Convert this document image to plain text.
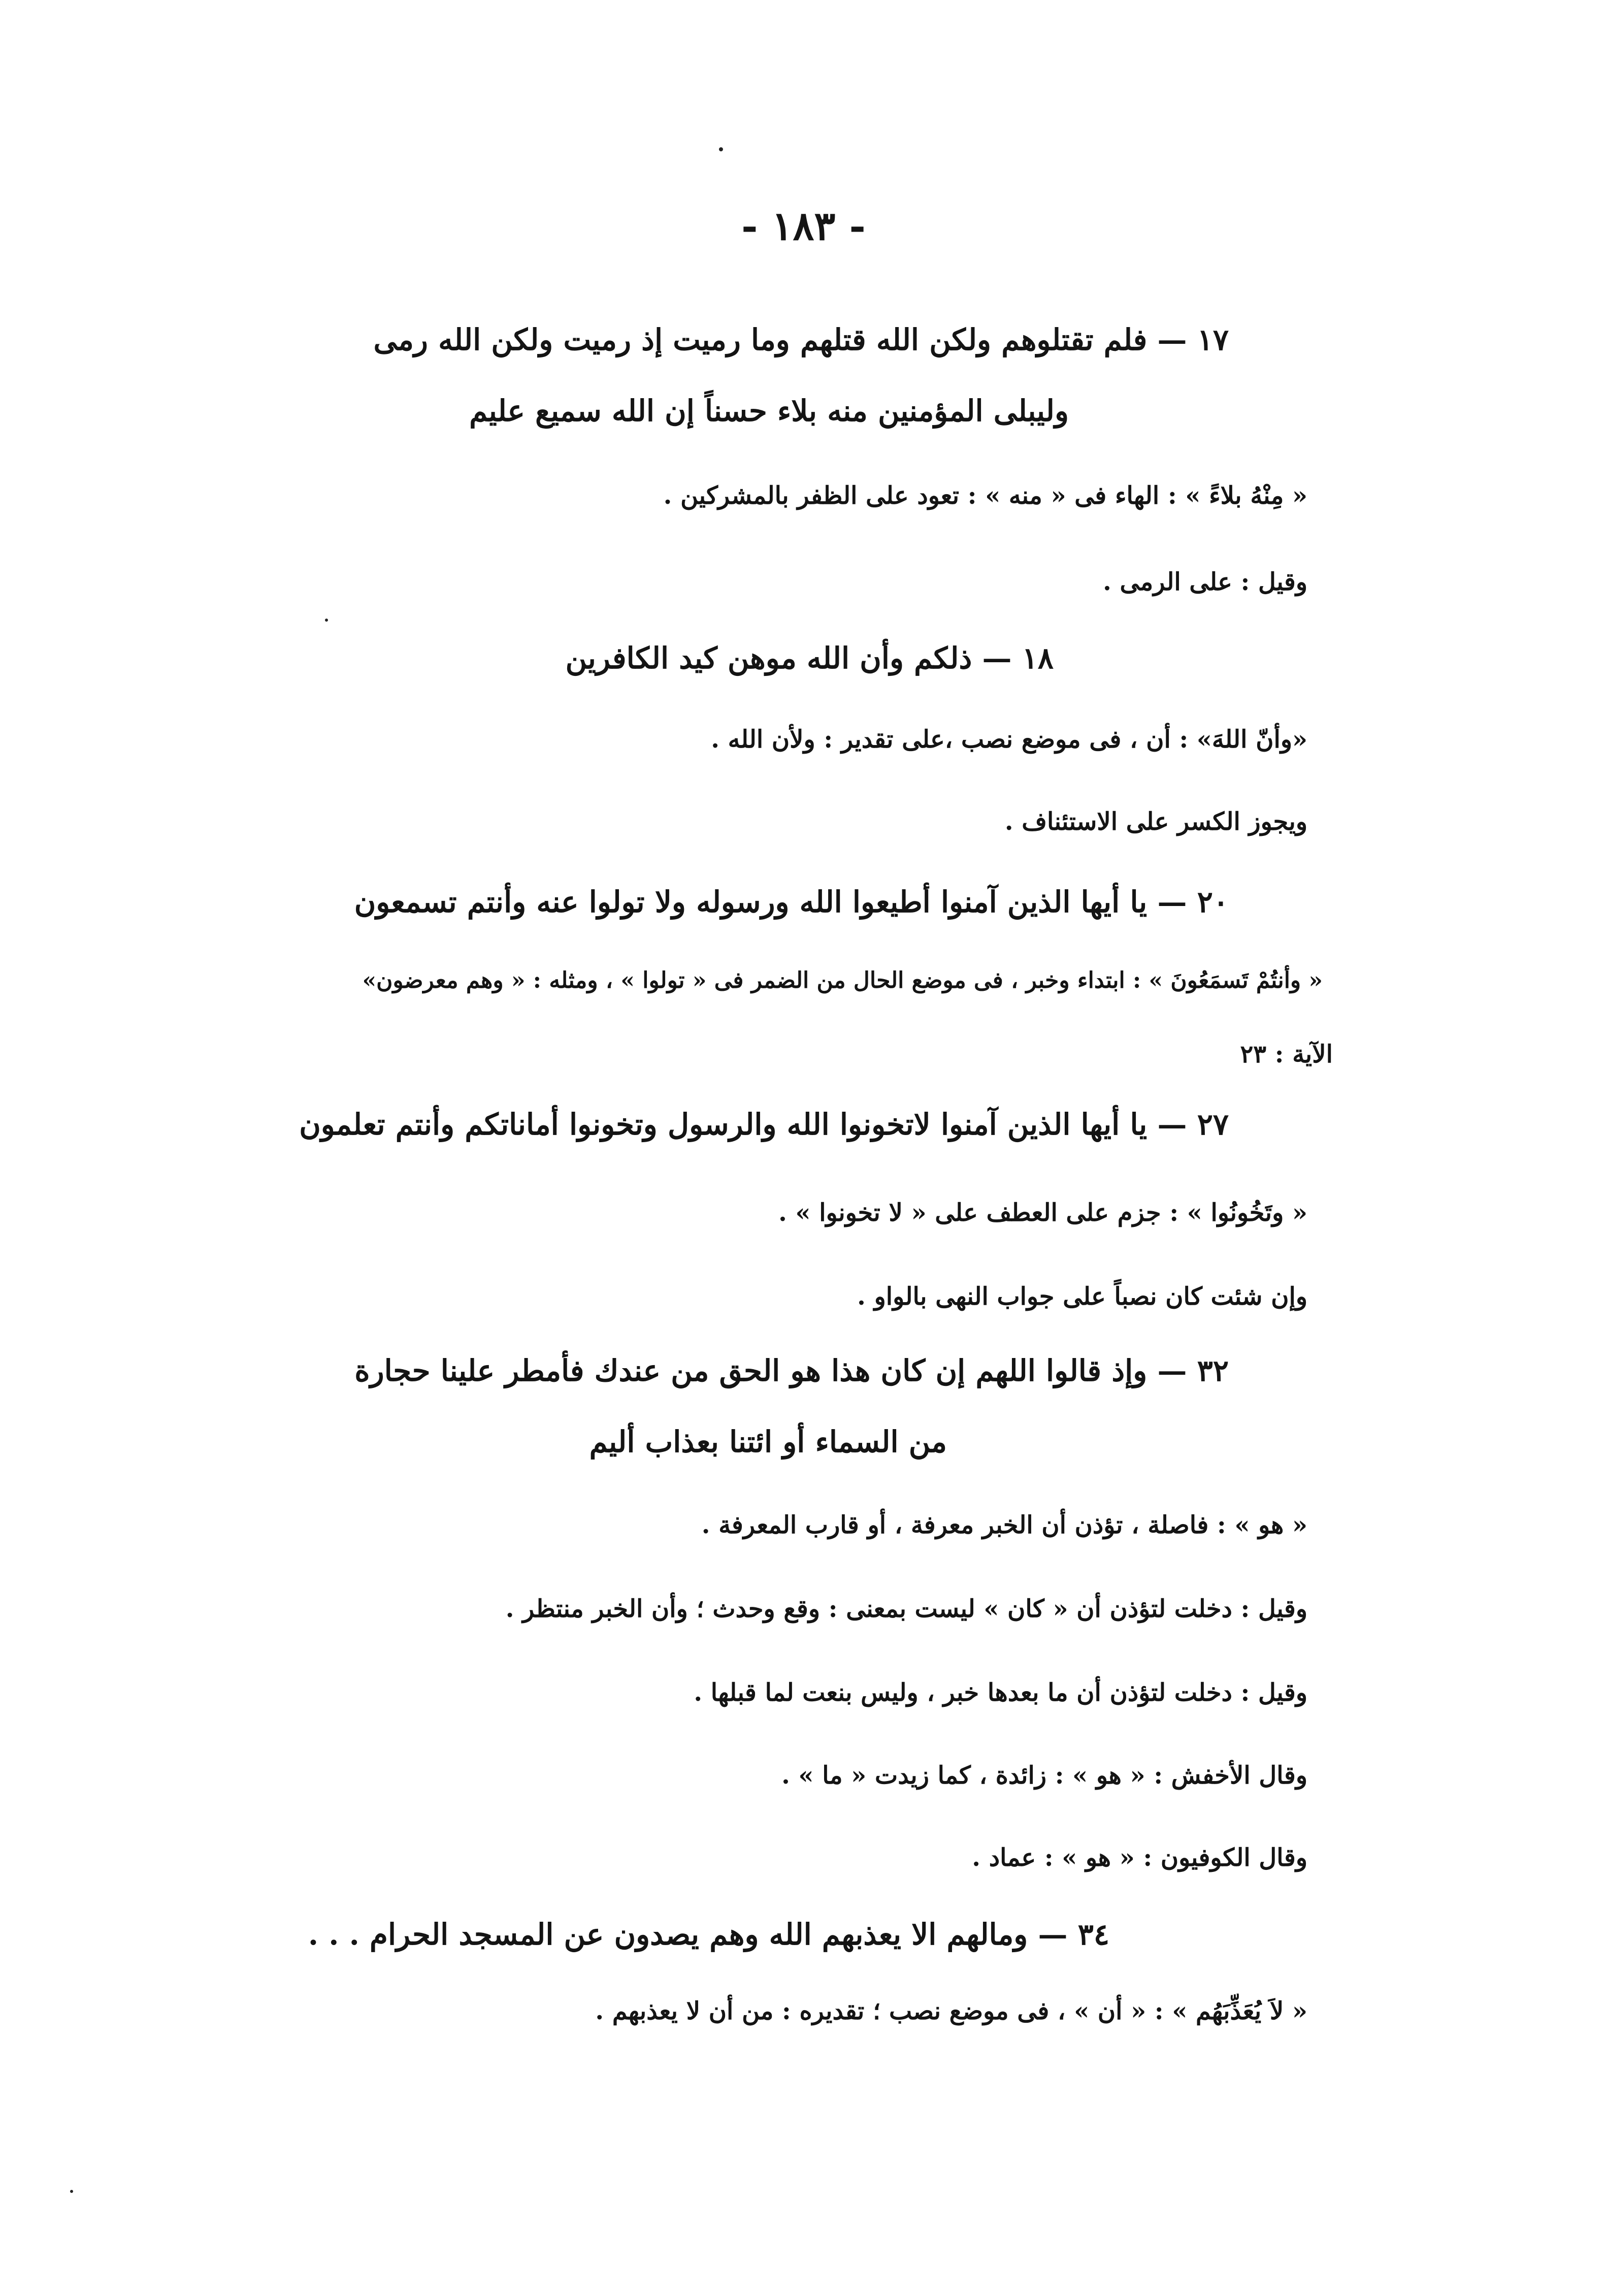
- ١٨٣ -
١٧ — فلم تقتلوهم ولكن الله قتلهم وما رميت إذ رميت ولكن الله رمى
وليبلى المؤمنين منه بلاء حسناً إن الله سميع عليم
« مِنْهُ بلاءً » : الهاء فى « منه » : تعود على الظفر بالمشركين .
وقيل : على الرمى .
١٨ — ذلكم وأن الله موهن كيد الكافرين
«وأنّ اللهَ» : أن ، فى موضع نصب ،على تقدير : ولأن الله .
ويجوز الكسر على الاستئناف .
٢٠ — يا أيها الذين آمنوا أطيعوا الله ورسوله ولا تولوا عنه وأنتم تسمعون
« وأنتُمْ تَسمَعُونَ » : ابتداء وخبر ، فى موضع الحال من الضمر فى « تولوا » ، ومثله : « وهم معرضون»
الآية : ٢٣
٢٧ — يا أيها الذين آمنوا لاتخونوا الله والرسول وتخونوا أماناتكم وأنتم تعلمون
« وتَخُونُوا » : جزم على العطف على « لا تخونوا » .
وإن شئت كان نصباً على جواب النهى بالواو .
٣٢ — وإذ قالوا اللهم إن كان هذا هو الحق من عندك فأمطر علينا حجارة
من السماء أو ائتنا بعذاب أليم
« هو » : فاصلة ، تؤذن أن الخبر معرفة ، أو قارب المعرفة .
وقيل : دخلت لتؤذن أن « كان » ليست بمعنى : وقع وحدث ؛ وأن الخبر منتظر .
وقيل : دخلت لتؤذن أن ما بعدها خبر ، وليس بنعت لما قبلها .
وقال الأخفش : « هو » : زائدة ، كما زيدت « ما » .
وقال الكوفيون : « هو » : عماد .
٣٤ — ومالهم الا يعذبهم الله وهم يصدون عن المسجد الحرام . . .
« لاَ يُعَذِّبَهُم » : « أن » ، فى موضع نصب ؛ تقديره : من أن لا يعذبهم .
